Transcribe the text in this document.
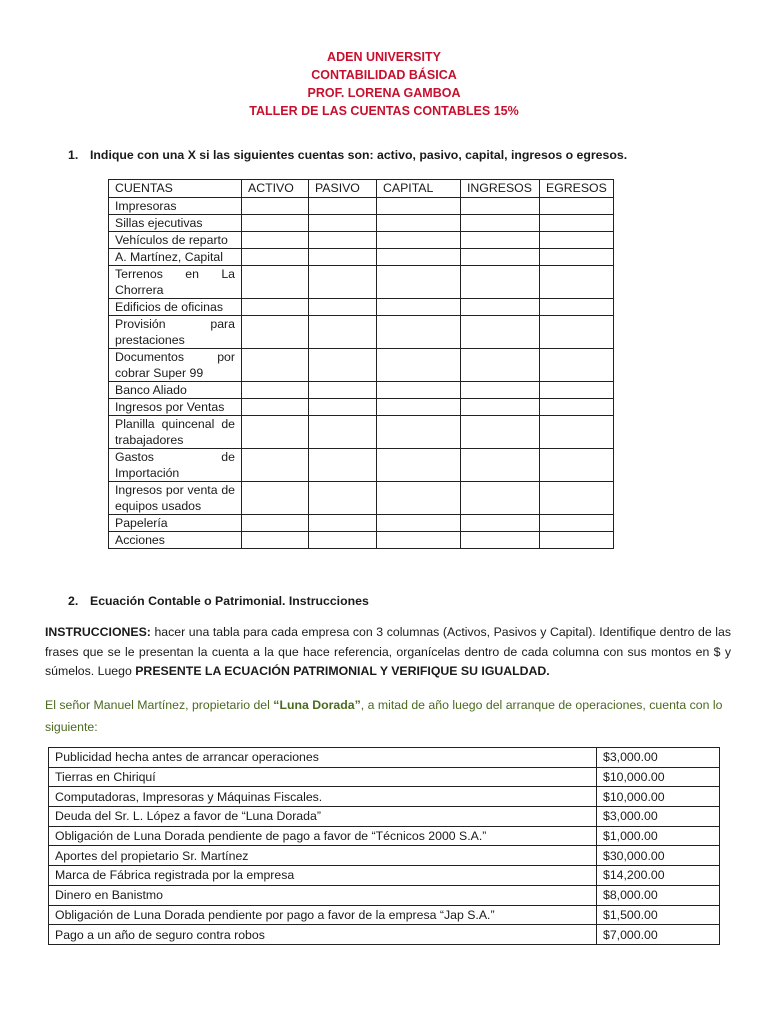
ADEN UNIVERSITY
CONTABILIDAD BÁSICA
PROF. LORENA GAMBOA
TALLER DE LAS CUENTAS CONTABLES 15%
1. Indique con una X si las siguientes cuentas son: activo, pasivo, capital, ingresos o egresos.
CUENTAS	ACTIVO	PASIVO	CAPITAL	INGRESOS	EGRESOS
Impresoras					
Sillas ejecutivas					
Vehículos de reparto					
A. Martínez, Capital					
Terrenos en La Chorrera					
Edificios de oficinas					
Provisión para prestaciones					
Documentos por cobrar Super 99					
Banco Aliado					
Ingresos por Ventas					
Planilla quincenal de trabajadores					
Gastos de Importación					
Ingresos por venta de equipos usados					
Papelería					
Acciones					
2. Ecuación Contable o Patrimonial. Instrucciones
INSTRUCCIONES: hacer una tabla para cada empresa con 3 columnas (Activos, Pasivos y Capital). Identifique dentro de las frases que se le presentan la cuenta a la que hace referencia, organícelas dentro de cada columna con sus montos en $ y súmelos. Luego PRESENTE LA ECUACIÓN PATRIMONIAL Y VERIFIQUE SU IGUALDAD.
El señor Manuel Martínez, propietario del “Luna Dorada”, a mitad de año luego del arranque de operaciones, cuenta con lo siguiente:
Publicidad hecha antes de arrancar operaciones	$3,000.00
Tierras en Chiriquí	$10,000.00
Computadoras, Impresoras y Máquinas Fiscales.	$10,000.00
Deuda del Sr. L. López a favor de “Luna Dorada”	$3,000.00
Obligación de Luna Dorada pendiente de pago a favor de “Técnicos 2000 S.A.”	$1,000.00
Aportes del propietario Sr. Martínez	$30,000.00
Marca de Fábrica registrada por la empresa	$14,200.00
Dinero en Banistmo	$8,000.00
Obligación de Luna Dorada pendiente por pago a favor de la empresa “Jap S.A.”	$1,500.00
Pago a un año de seguro contra robos	$7,000.00
